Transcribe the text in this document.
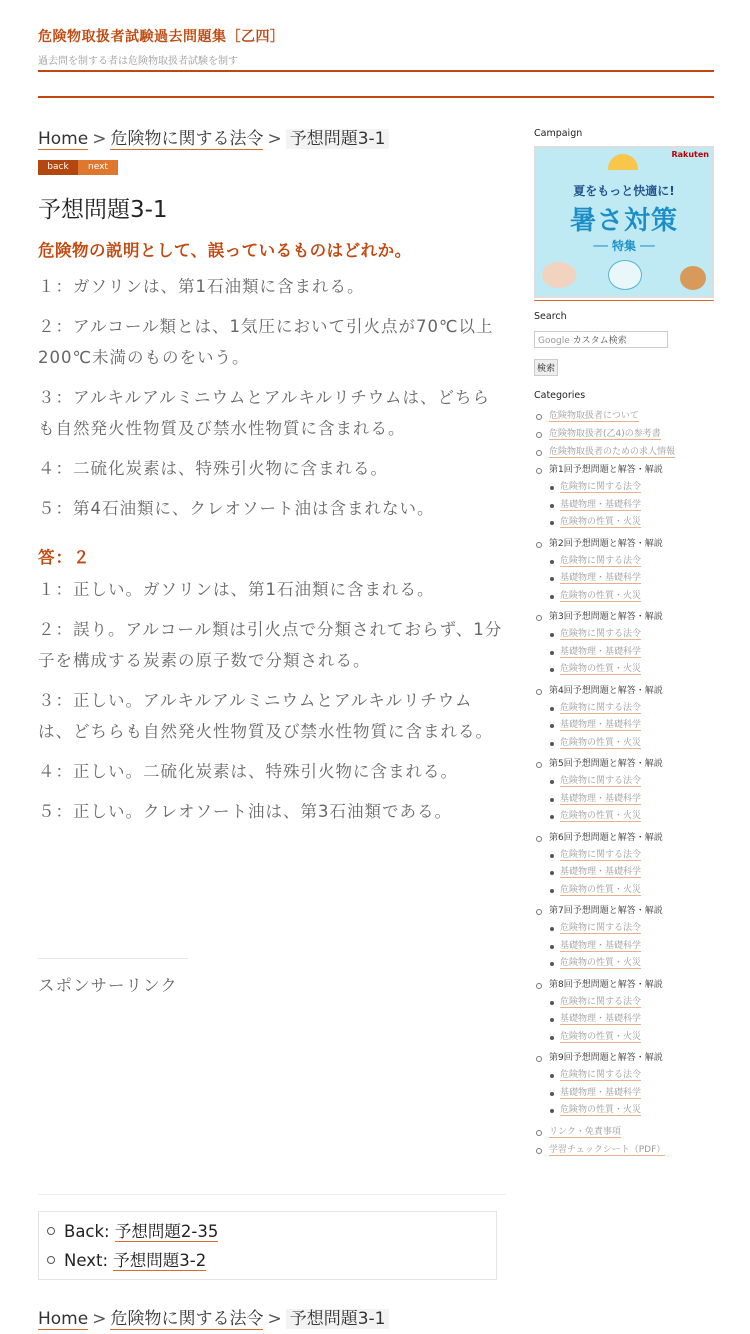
危険物取扱者試験過去問題集［乙四］
過去問を制する者は危険物取扱者試験を制す
Home > 危険物に関する法令 > 予想問題3-1
back	next
予想問題3-1
危険物の説明として、誤っているものはどれか。

１：ガソリンは、第1石油類に含まれる。

２：アルコール類とは、1気圧において引火点が70℃以上200℃未満のものをいう。

３：アルキルアルミニウムとアルキルリチウムは、どちらも自然発火性物質及び禁水性物質に含まれる。

４：二硫化炭素は、特殊引火物に含まれる。

５：第4石油類に、クレオソート油は含まれない。

答：２

１：正しい。ガソリンは、第1石油類に含まれる。

２：誤り。アルコール類は引火点で分類されておらず、1分子を構成する炭素の原子数で分類される。

３：正しい。アルキルアルミニウムとアルキルリチウムは、どちらも自然発火性物質及び禁水性物質に含まれる。

４：正しい。二硫化炭素は、特殊引火物に含まれる。

５：正しい。クレオソート油は、第3石油類である。

スポンサーリンク
Back: 予想問題2-35
Next: 予想問題3-2
Home > 危険物に関する法令 > 予想問題3-1
Campaign
Rakuten
夏をもっと快適に!
暑さ対策
── 特集 ──
Search
Google カスタム検索
検索
Categories
危険物取扱者について
危険物取扱者(乙4)の参考書
危険物取扱者のための求人情報
第1回予想問題と解答・解説
危険物に関する法令
基礎物理・基礎科学
危険物の性質・火災
第2回予想問題と解答・解説
危険物に関する法令
基礎物理・基礎科学
危険物の性質・火災
第3回予想問題と解答・解説
危険物に関する法令
基礎物理・基礎科学
危険物の性質・火災
第4回予想問題と解答・解説
危険物に関する法令
基礎物理・基礎科学
危険物の性質・火災
第5回予想問題と解答・解説
危険物に関する法令
基礎物理・基礎科学
危険物の性質・火災
第6回予想問題と解答・解説
危険物に関する法令
基礎物理・基礎科学
危険物の性質・火災
第7回予想問題と解答・解説
危険物に関する法令
基礎物理・基礎科学
危険物の性質・火災
第8回予想問題と解答・解説
危険物に関する法令
基礎物理・基礎科学
危険物の性質・火災
第9回予想問題と解答・解説
危険物に関する法令
基礎物理・基礎科学
危険物の性質・火災
リンク・免責事項
学習チェックシート（PDF）
